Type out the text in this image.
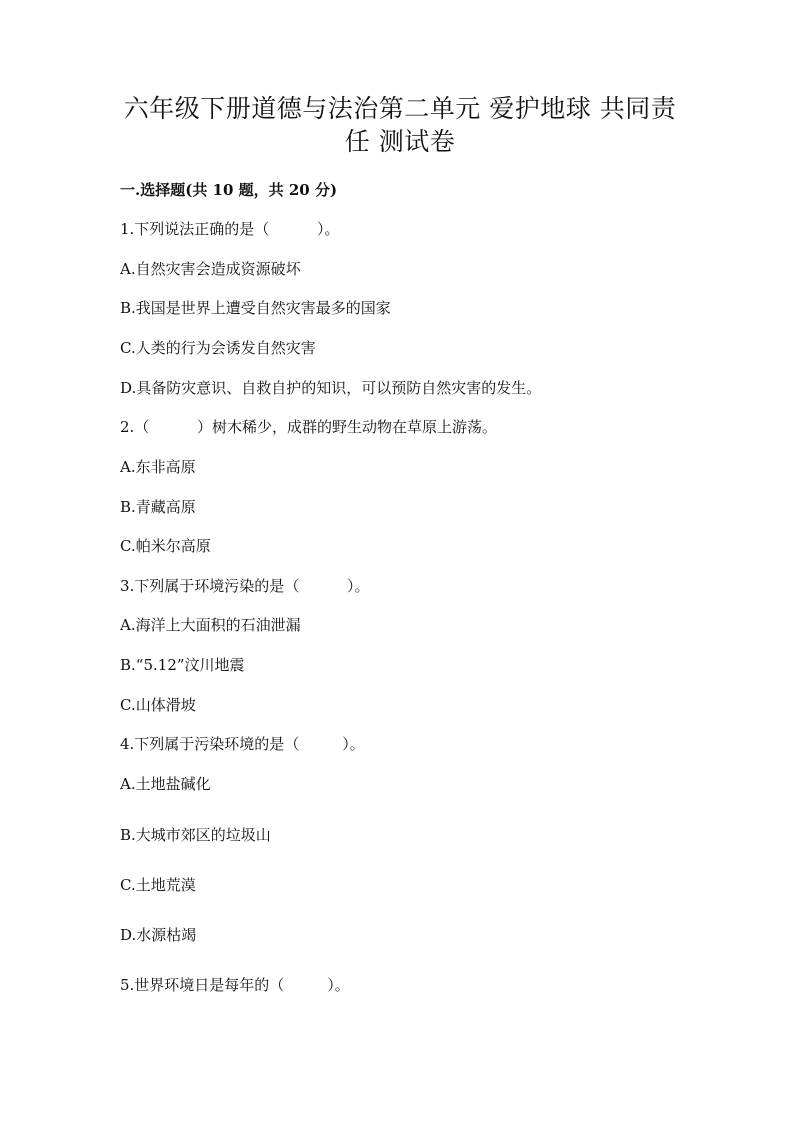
六年级下册道德与法治第二单元 爱护地球 共同责
任 测试卷
一.选择题(共 10 题，共 20 分)
1.下列说法正确的是（          ）。
A.自然灾害会造成资源破坏
B.我国是世界上遭受自然灾害最多的国家
C.人类的行为会诱发自然灾害
D.具备防灾意识、自救自护的知识，可以预防自然灾害的发生。
2.（          ）树木稀少，成群的野生动物在草原上游荡。
A.东非高原
B.青藏高原
C.帕米尔高原
3.下列属于环境污染的是（          ）。
A.海洋上大面积的石油泄漏
B.“5.12”汶川地震
C.山体滑坡
4.下列属于污染环境的是（         ）。
A.土地盐碱化
B.大城市郊区的垃圾山
C.土地荒漠
D.水源枯竭
5.世界环境日是每年的（         ）。
